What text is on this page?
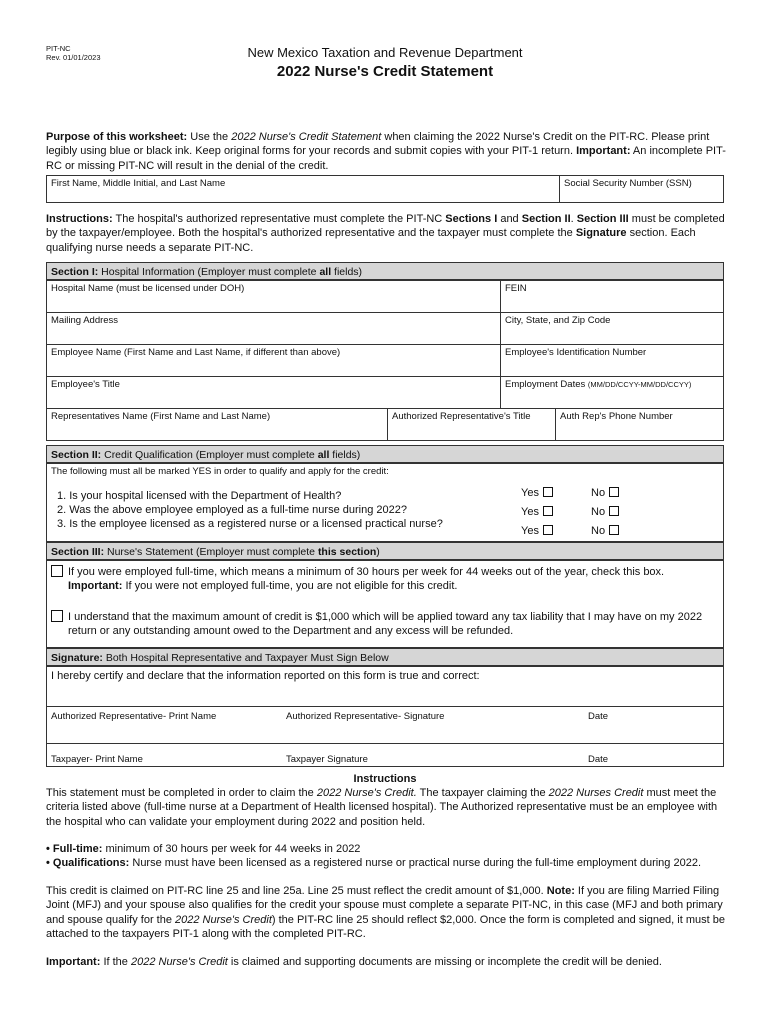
PIT-NC
Rev. 01/01/2023	New Mexico Taxation and Revenue Department
2022 Nurse's Credit Statement
Purpose of this worksheet: Use the 2022 Nurse's Credit Statement when claiming the 2022 Nurse's Credit on the PIT-RC. Please print legibly using blue or black ink. Keep original forms for your records and submit copies with your PIT-1 return. Important: An incomplete PIT-RC or missing PIT-NC will result in the denial of the credit.
First Name, Middle Initial, and Last Name	Social Security Number (SSN)
Instructions: The hospital's authorized representative must complete the PIT-NC Sections I and Section II. Section III must be completed by the taxpayer/employee. Both the hospital's authorized representative and the taxpayer must complete the Signature section. Each qualifying nurse needs a separate PIT-NC.
Section I: Hospital Information (Employer must complete all fields)
Hospital Name (must be licensed under DOH)	FEIN
Mailing Address	City, State, and Zip Code
Employee Name (First Name and Last Name, if different than above)	Employee's Identification Number
Employee's Title	Employment Dates (MM/DD/CCYY-MM/DD/CCYY)
Representatives Name (First Name and Last Name)	Authorized Representative's Title	Auth Rep's Phone Number
Section II: Credit Qualification (Employer must complete all fields)
The following must all be marked YES in order to qualify and apply for the credit:
1. Is your hospital licensed with the Department of Health?
2. Was the above employee employed as a full-time nurse during 2022?
3. Is the employee licensed as a registered nurse or a licensed practical nurse?
Yes	No
Yes	No
Yes	No
Section III: Nurse's Statement (Employer must complete this section)
If you were employed full-time, which means a minimum of 30 hours per week for 44 weeks out of the year, check this box.
Important: If you were not employed full-time, you are not eligible for this credit.
I understand that the maximum amount of credit is $1,000 which will be applied toward any tax liability that I may have on my 2022 return or any outstanding amount owed to the Department and any excess will be refunded.
Signature: Both Hospital Representative and Taxpayer Must Sign Below
I hereby certify and declare that the information reported on this form is true and correct:
Authorized Representative- Print Name	Authorized Representative- Signature	Date
Taxpayer- Print Name	Taxpayer Signature	Date
Instructions
This statement must be completed in order to claim the 2022 Nurse's Credit. The taxpayer claiming the 2022 Nurses Credit must meet the criteria listed above (full-time nurse at a Department of Health licensed hospital). The Authorized representative must be an employee with the hospital who can validate your employment during 2022 and position held.
• Full-time: minimum of 30 hours per week for 44 weeks in 2022
• Qualifications: Nurse must have been licensed as a registered nurse or practical nurse during the full-time employment during 2022.
This credit is claimed on PIT-RC line 25 and line 25a. Line 25 must reflect the credit amount of $1,000. Note: If you are filing Married Filing Joint (MFJ) and your spouse also qualifies for the credit your spouse must complete a separate PIT-NC, in this case (MFJ and both primary and spouse qualify for the 2022 Nurse's Credit) the PIT-RC line 25 should reflect $2,000. Once the form is completed and signed, it must be attached to the taxpayers PIT-1 along with the completed PIT-RC.
Important: If the 2022 Nurse's Credit is claimed and supporting documents are missing or incomplete the credit will be denied.
